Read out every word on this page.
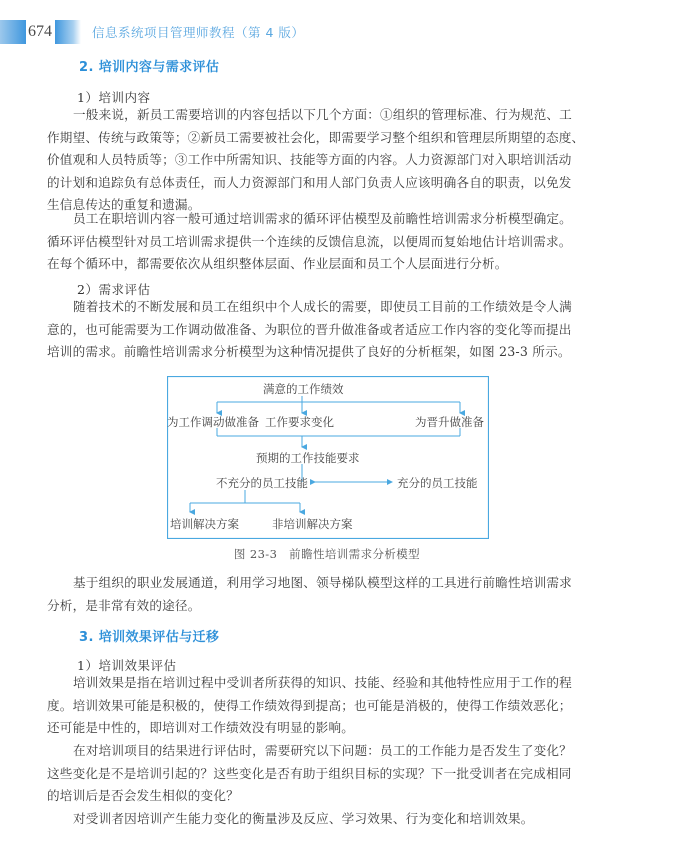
674	信息系统项目管理师教程（第 4 版）
2. 培训内容与需求评估
1）培训内容
一般来说，新员工需要培训的内容包括以下几个方面：①组织的管理标准、行为规范、工
作期望、传统与政策等；②新员工需要被社会化，即需要学习整个组织和管理层所期望的态度、
价值观和人员特质等；③工作中所需知识、技能等方面的内容。人力资源部门对入职培训活动
的计划和追踪负有总体责任，而人力资源部门和用人部门负责人应该明确各自的职责，以免发
生信息传达的重复和遗漏。
员工在职培训内容一般可通过培训需求的循环评估模型及前瞻性培训需求分析模型确定。
循环评估模型针对员工培训需求提供一个连续的反馈信息流，以便周而复始地估计培训需求。
在每个循环中，都需要依次从组织整体层面、作业层面和员工个人层面进行分析。
2）需求评估
随着技术的不断发展和员工在组织中个人成长的需要，即使员工目前的工作绩效是令人满
意的，也可能需要为工作调动做准备、为职位的晋升做准备或者适应工作内容的变化等而提出
培训的需求。前瞻性培训需求分析模型为这种情况提供了良好的分析框架，如图 23-3 所示。
满意的工作绩效
为工作调动做准备 工作要求变化	为晋升做准备
预期的工作技能要求
不充分的员工技能	充分的员工技能
培训解决方案	非培训解决方案
图 23-3　前瞻性培训需求分析模型
基于组织的职业发展通道，利用学习地图、领导梯队模型这样的工具进行前瞻性培训需求
分析，是非常有效的途径。
3. 培训效果评估与迁移
1）培训效果评估
培训效果是指在培训过程中受训者所获得的知识、技能、经验和其他特性应用于工作的程
度。培训效果可能是积极的，使得工作绩效得到提高；也可能是消极的，使得工作绩效恶化；
还可能是中性的，即培训对工作绩效没有明显的影响。
在对培训项目的结果进行评估时，需要研究以下问题：员工的工作能力是否发生了变化？
这些变化是不是培训引起的？这些变化是否有助于组织目标的实现？下一批受训者在完成相同
的培训后是否会发生相似的变化？
对受训者因培训产生能力变化的衡量涉及反应、学习效果、行为变化和培训效果。
